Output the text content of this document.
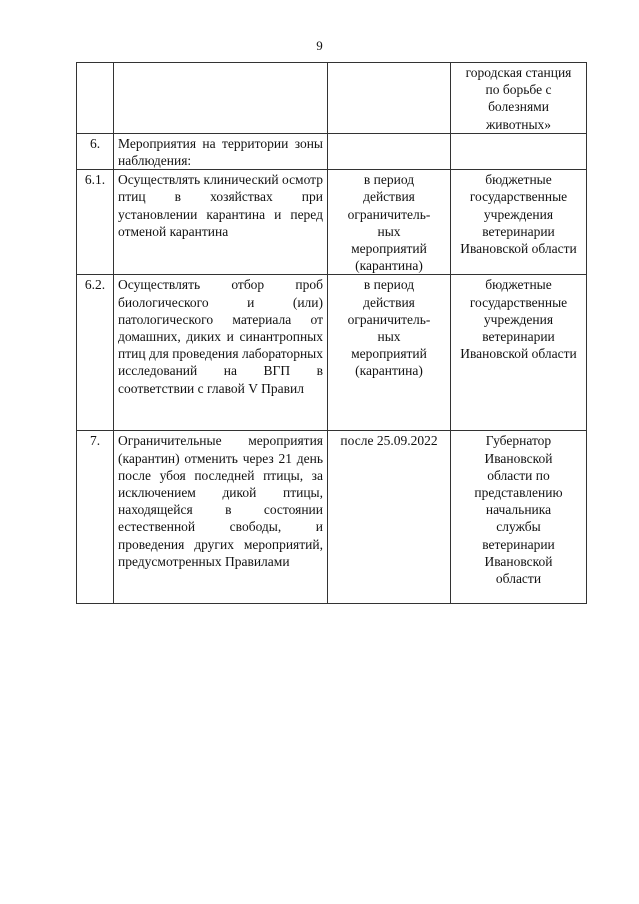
9

			городская станция по борьбе с болезнями животных»

6.	Мероприятия на территории зоны наблюдения:		
6.1.	Осуществлять клинический осмотр птиц в хозяйствах при установлении карантина и перед отменой карантина	в период действия ограничитель-ных мероприятий (карантина)	бюджетные государственные учреждения ветеринарии Ивановской области
6.2.	Осуществлять отбор проб биологического и (или) патологического материала от домашних, диких и синантропных птиц для проведения лабораторных исследований на ВГП в соответствии с главой V Правил	в период действия ограничитель-ных мероприятий (карантина)	бюджетные государственные учреждения ветеринарии Ивановской области
7.	Ограничительные мероприятия (карантин) отменить через 21 день после убоя последней птицы, за исключением дикой птицы, находящейся в состоянии естественной свободы, и проведения других мероприятий, предусмотренных Правилами	после 25.09.2022	Губернатор Ивановской области по представлению начальника службы ветеринарии Ивановской области
